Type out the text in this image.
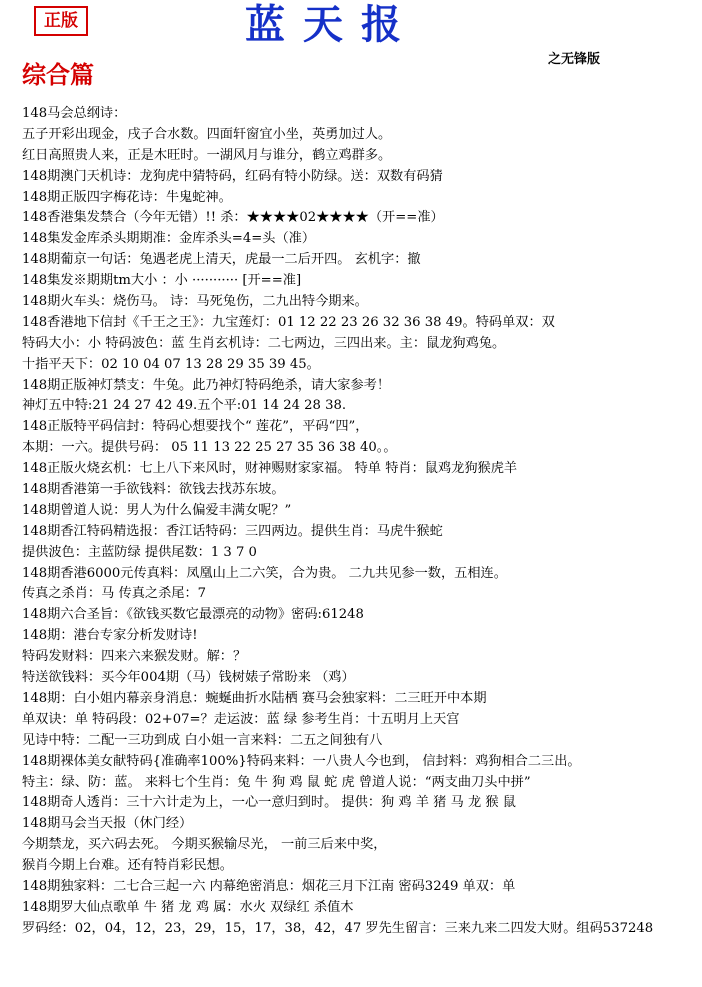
正版	蓝天报
之无锋版
综合篇
148马会总纲诗：
五子开彩出现金，戌子合水数。四面轩窗宜小坐，英勇加过人。
红日高照贵人来，正是木旺时。一湖风月与谁分，鹤立鸡群多。
148期澳门天机诗：龙狗虎中猜特码，红码有特小防绿。送：双数有码猜
148期正版四字梅花诗：牛鬼蛇神。
148香港集发禁合（今年无错）!! 杀：★★★★02★★★★（开==准）
148集发金库杀头期期准：金库杀头=4=头（准）
148期葡京一句话：兔遇老虎上清天，虎最一二后开四。 玄机字：撤
148集发※期期tm大小 ：小 ··········· [开==准]
148期火车头：烧伤马。 诗：马死兔伤，二九出特今期来。
148香港地下信封《千王之王》：九宝莲灯：01 12 22 23 26 32 36 38 49。特码单双：双
特码大小：小 特码波色：蓝 生肖玄机诗：二七两边，三四出来。主：鼠龙狗鸡兔。
十指平天下：02 10 04 07 13 28 29 35 39 45。
148期正版神灯禁支：牛兔。此乃神灯特码绝杀，请大家参考！
神灯五中特:21 24 27 42 49.五个平:01 14 24 28 38.
148正版特平码信封：特码心想要找个“ 莲花”，平码“四”，
本期：一六。提供号码： 05 11 13 22 25 27 35 36 38 40。。
148正版火烧玄机：七上八下来风时，财神赐财家家福。 特单 特肖：鼠鸡龙狗猴虎羊
148期香港第一手欲钱料：欲钱去找苏东坡。
148期曾道人说：男人为什么偏爱丰满女呢？”
148期香江特码精选报：香江话特码：三四两边。提供生肖：马虎牛猴蛇
提供波色：主蓝防绿 提供尾数：1 3 7 0
148期香港6000元传真料：凤凰山上二六笑，合为贵。 二九共见参一数，五相连。
传真之杀肖：马 传真之杀尾：7
148期六合圣旨：《欲钱买数它最漂亮的动物》密码:61248
148期：港台专家分析发财诗!
特码发财料：四来六来猴发财。解：？
特送欲钱料：买今年004期（马）钱树婊子常盼来 （鸡）
148期：白小姐内幕亲身消息：蜿蜒曲折水陆栖 赛马会独家料：二三旺开中本期
单双诀：单 特码段：02+07=？走运波：蓝 绿 参考生肖：十五明月上天宫
见诗中特：二配一三功到成 白小姐一言来料：二五之间独有八
148期裸体美女献特码{准确率100%}特码来料：一八贵人今也到， 信封料：鸡狗相合二三出。
特主：绿、防：蓝。 来料七个生肖：兔 牛 狗 鸡 鼠 蛇 虎 曾道人说：“两支曲刀头中拼”
148期奇人透肖：三十六计走为上，一心一意归到时。 提供：狗 鸡 羊 猪 马 龙 猴 鼠
148期马会当天报（休门经）
今期禁龙，买六码去死。 今期买猴输尽光， 一前三后来中奖，
猴肖今期上台难。还有特肖彩民想。
148期独家料：二七合三起一六 内幕绝密消息：烟花三月下江南 密码3249 单双：单
148期罗大仙点歌单 牛 猪 龙 鸡 属：水火 双绿红 杀值木
罗码经：02，04，12，23，29，15，17，38，42，47 罗先生留言：三来九来二四发大财。组码537248
